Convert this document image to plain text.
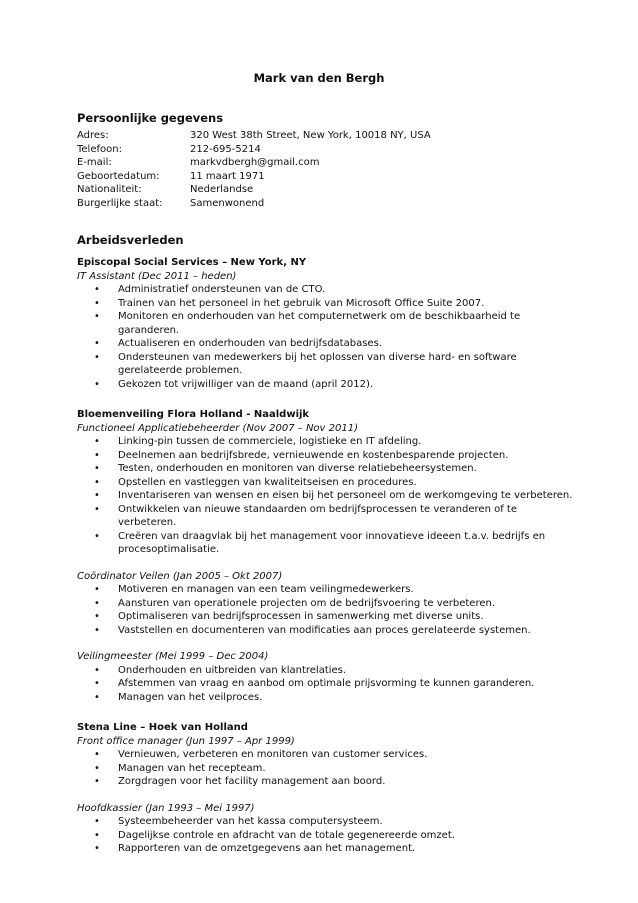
Mark van den Bergh
Persoonlijke gegevens
Adres:	320 West 38th Street, New York, 10018 NY, USA
Telefoon:	212-695-5214
E-mail:	markvdbergh@gmail.com
Geboortedatum:	11 maart 1971
Nationaliteit:	Nederlandse
Burgerlijke staat:	Samenwonend
Arbeidsverleden
Episcopal Social Services – New York, NY
IT Assistant (Dec 2011 – heden)
• Administratief ondersteunen van de CTO.
• Trainen van het personeel in het gebruik van Microsoft Office Suite 2007.
• Monitoren en onderhouden van het computernetwerk om de beschikbaarheid te garanderen.
• Actualiseren en onderhouden van bedrijfsdatabases.
• Ondersteunen van medewerkers bij het oplossen van diverse hard- en software gerelateerde problemen.
• Gekozen tot vrijwilliger van de maand (april 2012).
Bloemenveiling Flora Holland - Naaldwijk
Functioneel Applicatiebeheerder (Nov 2007 – Nov 2011)
• Linking-pin tussen de commerciele, logistieke en IT afdeling.
• Deelnemen aan bedrijfsbrede, vernieuwende en kostenbesparende projecten.
• Testen, onderhouden en monitoren van diverse relatiebeheersystemen.
• Opstellen en vastleggen van kwaliteitseisen en procedures.
• Inventariseren van wensen en eisen bij het personeel om de werkomgeving te verbeteren.
• Ontwikkelen van nieuwe standaarden om bedrijfsprocessen te veranderen of te verbeteren.
• Creëren van draagvlak bij het management voor innovatieve ideeen t.a.v. bedrijfs en procesoptimalisatie.
Coördinator Veilen (Jan 2005 – Okt 2007)
• Motiveren en managen van een team veilingmedewerkers.
• Aansturen van operationele projecten om de bedrijfsvoering te verbeteren.
• Optimaliseren van bedrijfsprocessen in samenwerking met diverse units.
• Vaststellen en documenteren van modificaties aan proces gerelateerde systemen.
Veilingmeester (Mei 1999 – Dec 2004)
• Onderhouden en uitbreiden van klantrelaties.
• Afstemmen van vraag en aanbod om optimale prijsvorming te kunnen garanderen.
• Managen van het veilproces.
Stena Line – Hoek van Holland
Front office manager (Jun 1997 – Apr 1999)
• Vernieuwen, verbeteren en monitoren van customer services.
• Managen van het recepteam.
• Zorgdragen voor het facility management aan boord.
Hoofdkassier (Jan 1993 – Mei 1997)
• Systeembeheerder van het kassa computersysteem.
• Dagelijkse controle en afdracht van de totale gegenereerde omzet.
• Rapporteren van de omzetgegevens aan het management.
